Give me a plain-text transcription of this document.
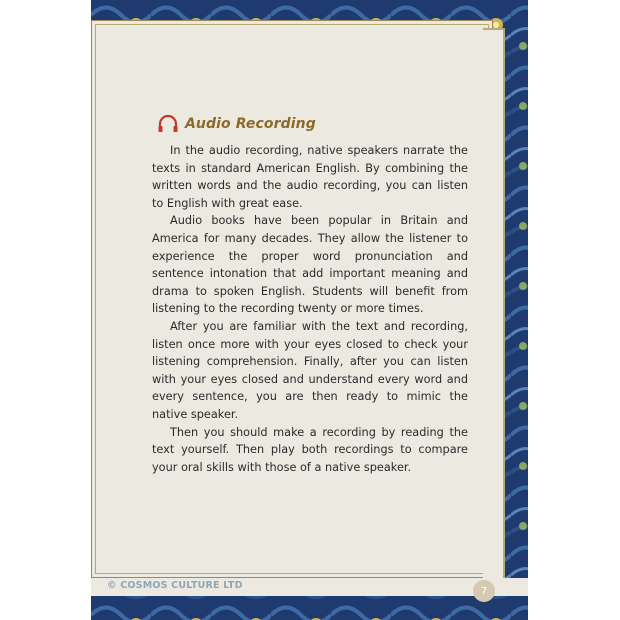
Audio Recording

In the audio recording, native speakers narrate the texts in standard American English. By combining the written words and the audio recording, you can listen to English with great ease.

Audio books have been popular in Britain and America for many decades. They allow the listener to experience the proper word pronunciation and sentence intonation that add important meaning and drama to spoken English. Students will benefit from listening to the recording twenty or more times.

After you are familiar with the text and recording, listen once more with your eyes closed to check your listening comprehension. Finally, after you can listen with your eyes closed and understand every word and every sentence, you are then ready to mimic the native speaker.

Then you should make a recording by reading the text yourself. Then play both recordings to compare your oral skills with those of a native speaker.

© COSMOS CULTURE LTD	7
